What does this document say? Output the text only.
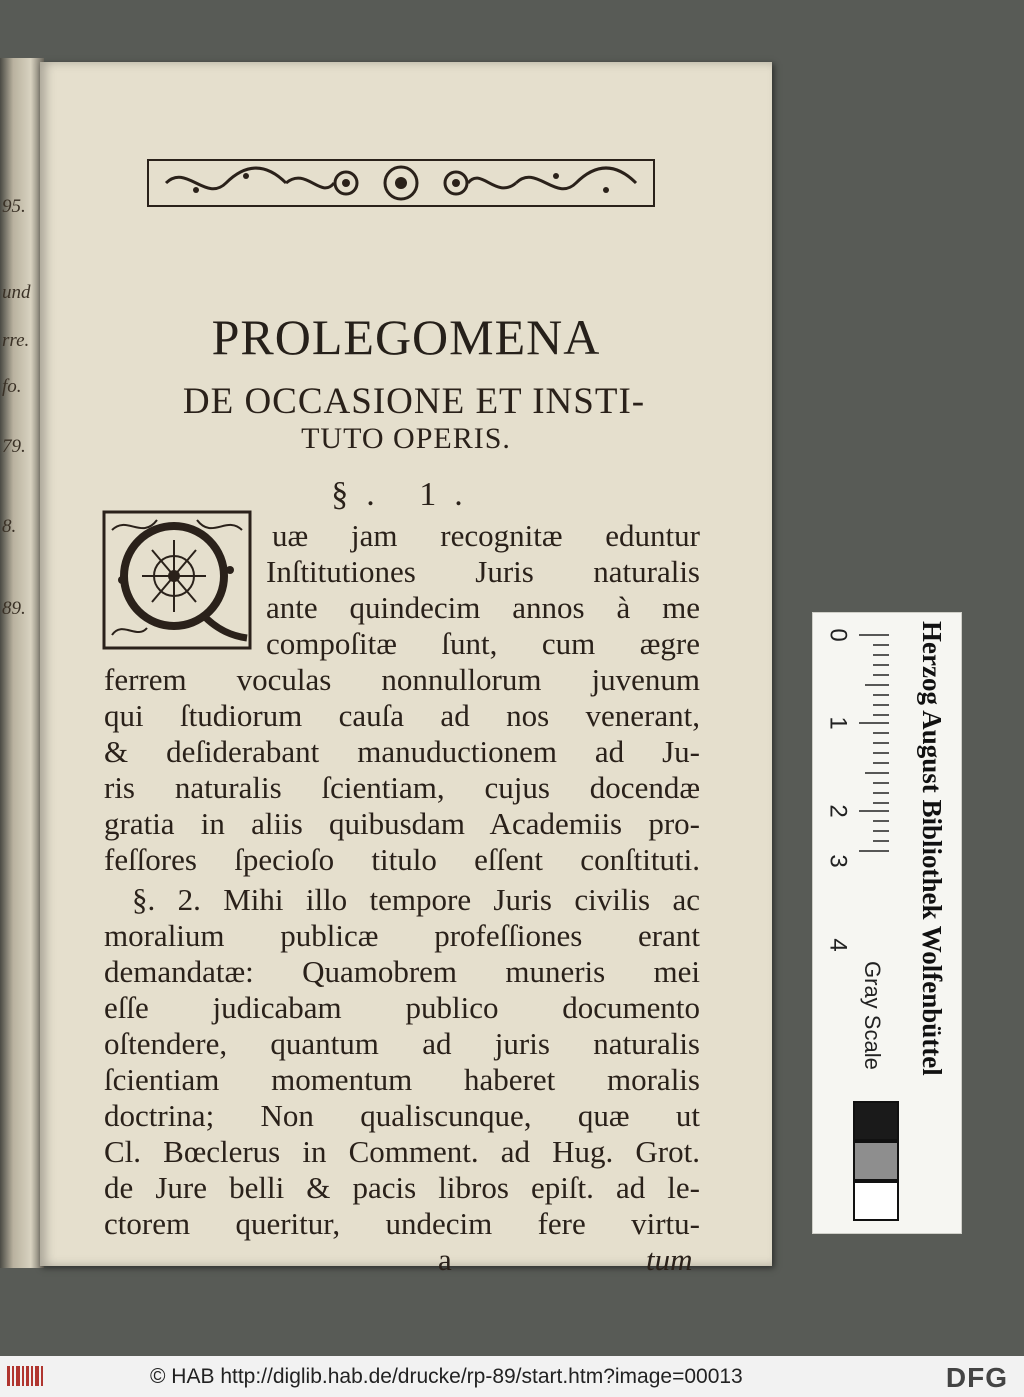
95.
und
rre.
fo.
79.
8.
89.
PROLEGOMENA
DE OCCASIONE ET INSTI-
TUTO OPERIS.
§. 1.
uæ jam recognitæ eduntur
Inſtitutiones Juris naturalis
ante quindecim annos à me
compoſitæ ſunt, cum ægre
ferrem voculas nonnullorum juvenum
qui ſtudiorum cauſa ad nos venerant,
& deſiderabant manuductionem ad Ju-
ris naturalis ſcientiam, cujus docendæ
gratia in aliis quibusdam Academiis pro-
feſſores ſpecioſo titulo eſſent conſtituti.
§. 2. Mihi illo tempore Juris civilis ac
moralium publicæ profeſſiones erant
demandatæ: Quamobrem muneris mei
eſſe judicabam publico documento
oſtendere, quantum ad juris naturalis
ſcientiam momentum haberet moralis
doctrina; Non qualiscunque, quæ ut
Cl. Bœclerus in Comment. ad Hug. Grot.
de Jure belli & pacis libros epiſt. ad le-
ctorem queritur, undecim fere virtu-
a	tum
0
1
2
3
4	Herzog August Bibliothek Wolfenbüttel
Gray Scale
© HAB http://diglib.hab.de/drucke/rp-89/start.htm?image=00013	DFG
